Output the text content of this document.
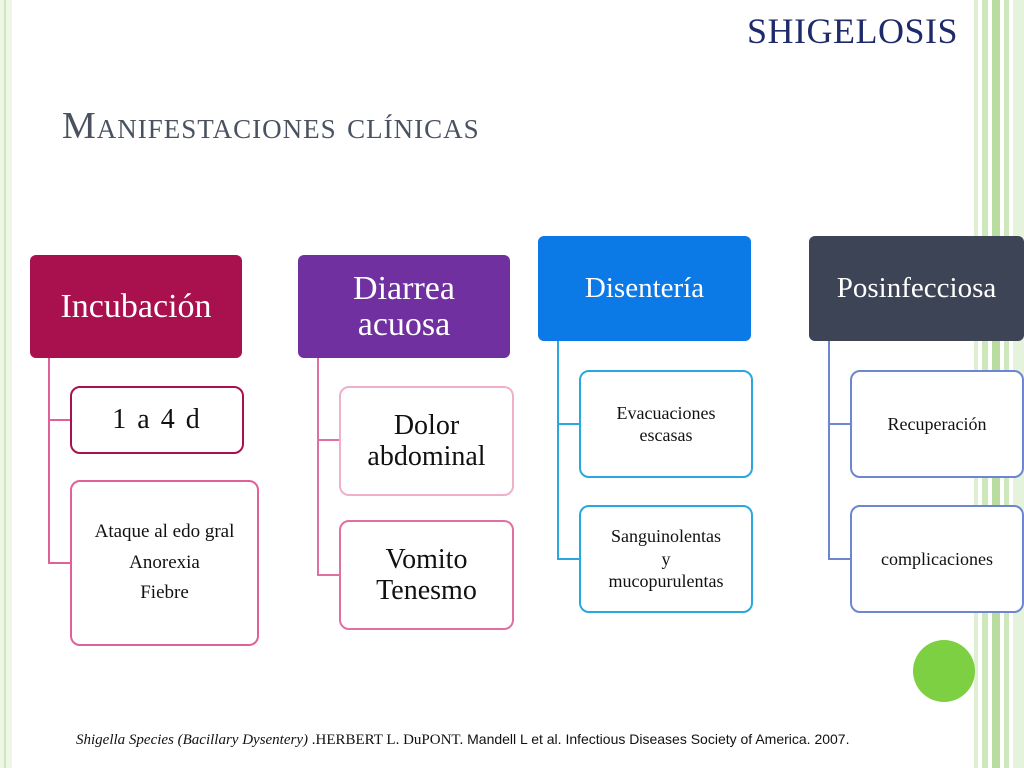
SHIGELOSIS
Manifestaciones clínicas
Incubación
1 a 4 d
Ataque al edo gral
Anorexia
Fiebre
Diarrea acuosa
Dolor abdominal
Vomito
Tenesmo
Disentería
Evacuaciones escasas
Sanguinolentas
y
mucopurulentas
Posinfecciosa
Recuperación
complicaciones
Shigella Species (Bacillary Dysentery) .HERBERT L. DuPONT. Mandell L et al. Infectious Diseases Society of America. 2007.
